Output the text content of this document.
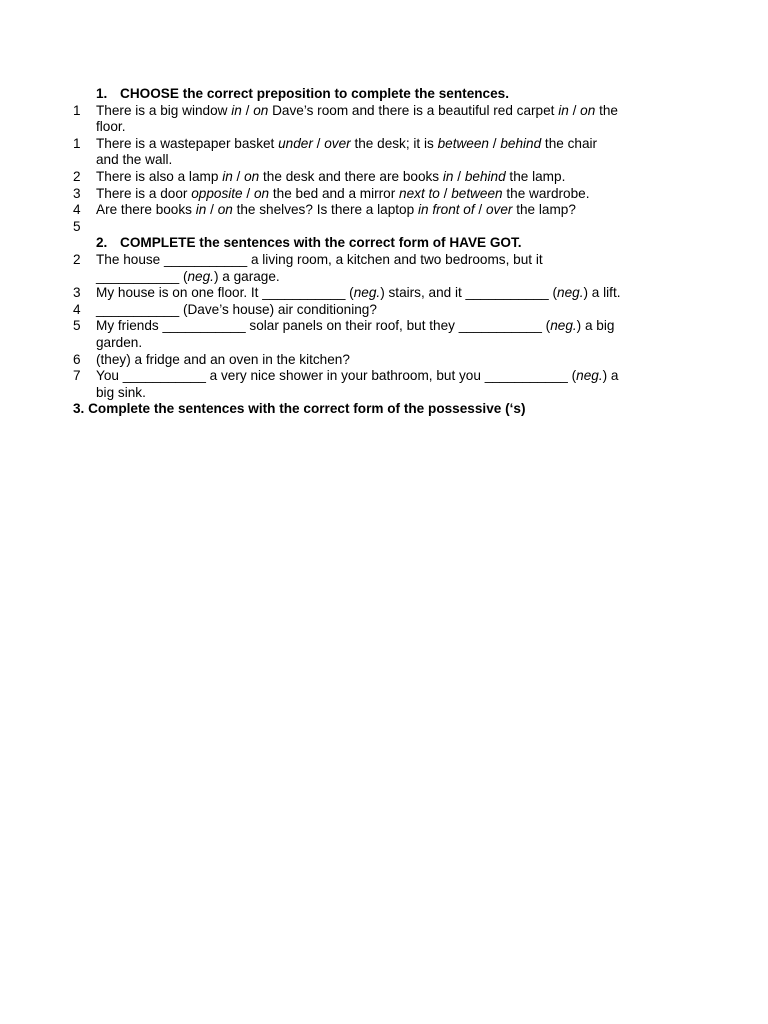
1. CHOOSE the correct preposition to complete the sentences.
1 There is a big window in / on Dave’s room and there is a beautiful red carpet in / on the
floor.
1 There is a wastepaper basket under / over the desk; it is between / behind the chair
and the wall.
2 There is also a lamp in / on the desk and there are books in / behind the lamp.
3 There is a door opposite / on the bed and a mirror next to / between the wardrobe.
4 Are there books in / on the shelves? Is there a laptop in front of / over the lamp?
5
2. COMPLETE the sentences with the correct form of HAVE GOT.
2 The house ___________ a living room, a kitchen and two bedrooms, but it
___________ (neg.) a garage.
3 My house is on one floor. It ___________ (neg.) stairs, and it ___________ (neg.) a lift.
4 ___________ (Dave’s house) air conditioning?
5 My friends ___________ solar panels on their roof, but they ___________ (neg.) a big
garden.
6 (they) a fridge and an oven in the kitchen?
7 You ___________ a very nice shower in your bathroom, but you ___________ (neg.) a
big sink.
3. Complete the sentences with the correct form of the possessive (‘s)
